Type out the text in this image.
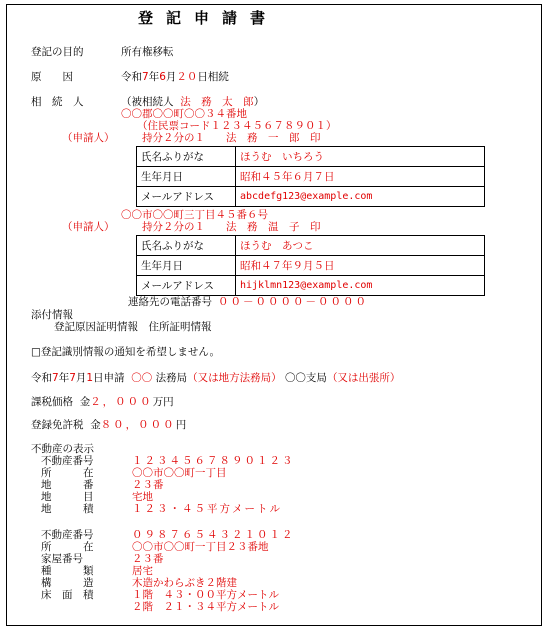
登記申請書
登記の目的	所有権移転
原　　因	令和7年6月２０日相続
相　続　人	（被相続人 法　務　太　郎）
〇〇郡〇〇町〇〇３４番地
（住民票コード１２３４５６７８９０１）
（申請人）	持分２分の１　　法　務　一　郎　印
氏名ふりがな	ほうむ　いちろう
生年月日	昭和４５年６月７日
メールアドレス	abcdefg123@example.com
〇〇市〇〇町三丁目４５番６号
（申請人）	持分２分の１　　法　務　温　子　印
氏名ふりがな	ほうむ　あつこ
生年月日	昭和４７年９月５日
メールアドレス	hijklmn123@example.com
連絡先の電話番号 ００－００００－００００
添付情報
登記原因証明情報　住所証明情報
□登記識別情報の通知を希望しません。
令和7年7月1日申請 〇〇 法務局（又は地方法務局） 〇〇支局（又は出張所）
課税価格 金２，０００万円
登録免許税 金８０，０００円
不動産の表示
不動産番号	１２３４５６７８９０１２３
所　　　在	〇〇市〇〇町一丁目
地　　　番	２３番
地　　　目	宅地
地　　　積	１２３・４５平方メートル
不動産番号	０９８７６５４３２１０１２
所　　　在	〇〇市〇〇町一丁目２３番地
家屋番号	２３番
種　　　類	居宅
構　　　造	木造かわらぶき２階建
床　面　積	１階　４３・００平方メートル
２階　２１・３４平方メートル
